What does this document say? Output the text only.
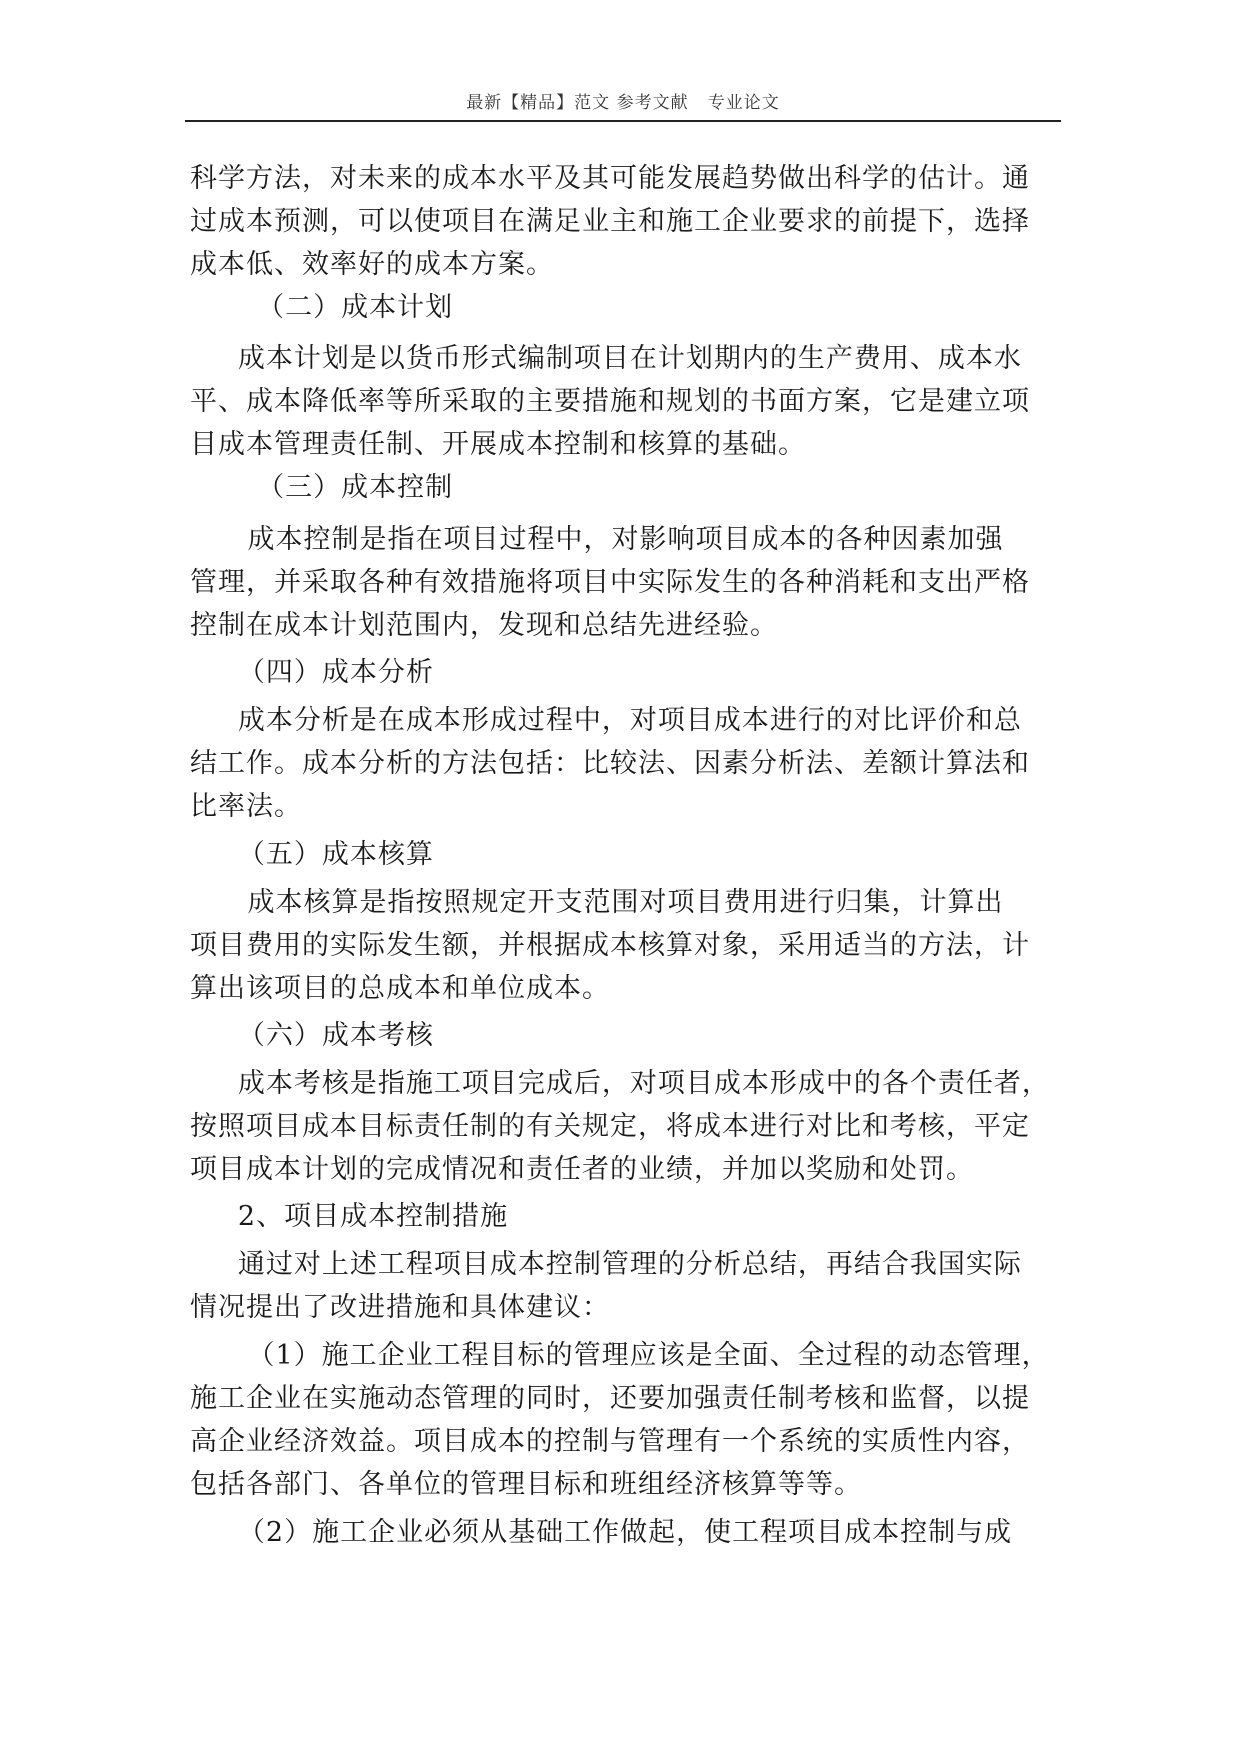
最新【精品】范文 参考文献   专业论文
科学方法，对未来的成本水平及其可能发展趋势做出科学的估计。通
过成本预测，可以使项目在满足业主和施工企业要求的前提下，选择
成本低、效率好的成本方案。
（二）成本计划
成本计划是以货币形式编制项目在计划期内的生产费用、成本水
平、成本降低率等所采取的主要措施和规划的书面方案，它是建立项
目成本管理责任制、开展成本控制和核算的基础。
（三）成本控制
成本控制是指在项目过程中，对影响项目成本的各种因素加强
管理，并采取各种有效措施将项目中实际发生的各种消耗和支出严格
控制在成本计划范围内，发现和总结先进经验。
（四）成本分析
成本分析是在成本形成过程中，对项目成本进行的对比评价和总
结工作。成本分析的方法包括：比较法、因素分析法、差额计算法和
比率法。
（五）成本核算
成本核算是指按照规定开支范围对项目费用进行归集，计算出
项目费用的实际发生额，并根据成本核算对象，采用适当的方法，计
算出该项目的总成本和单位成本。
（六）成本考核
成本考核是指施工项目完成后，对项目成本形成中的各个责任者，
按照项目成本目标责任制的有关规定，将成本进行对比和考核，平定
项目成本计划的完成情况和责任者的业绩，并加以奖励和处罚。
2、项目成本控制措施
通过对上述工程项目成本控制管理的分析总结，再结合我国实际
情况提出了改进措施和具体建议：
（1）施工企业工程目标的管理应该是全面、全过程的动态管理，
施工企业在实施动态管理的同时，还要加强责任制考核和监督，以提
高企业经济效益。项目成本的控制与管理有一个系统的实质性内容，
包括各部门、各单位的管理目标和班组经济核算等等。
（2）施工企业必须从基础工作做起，使工程项目成本控制与成
